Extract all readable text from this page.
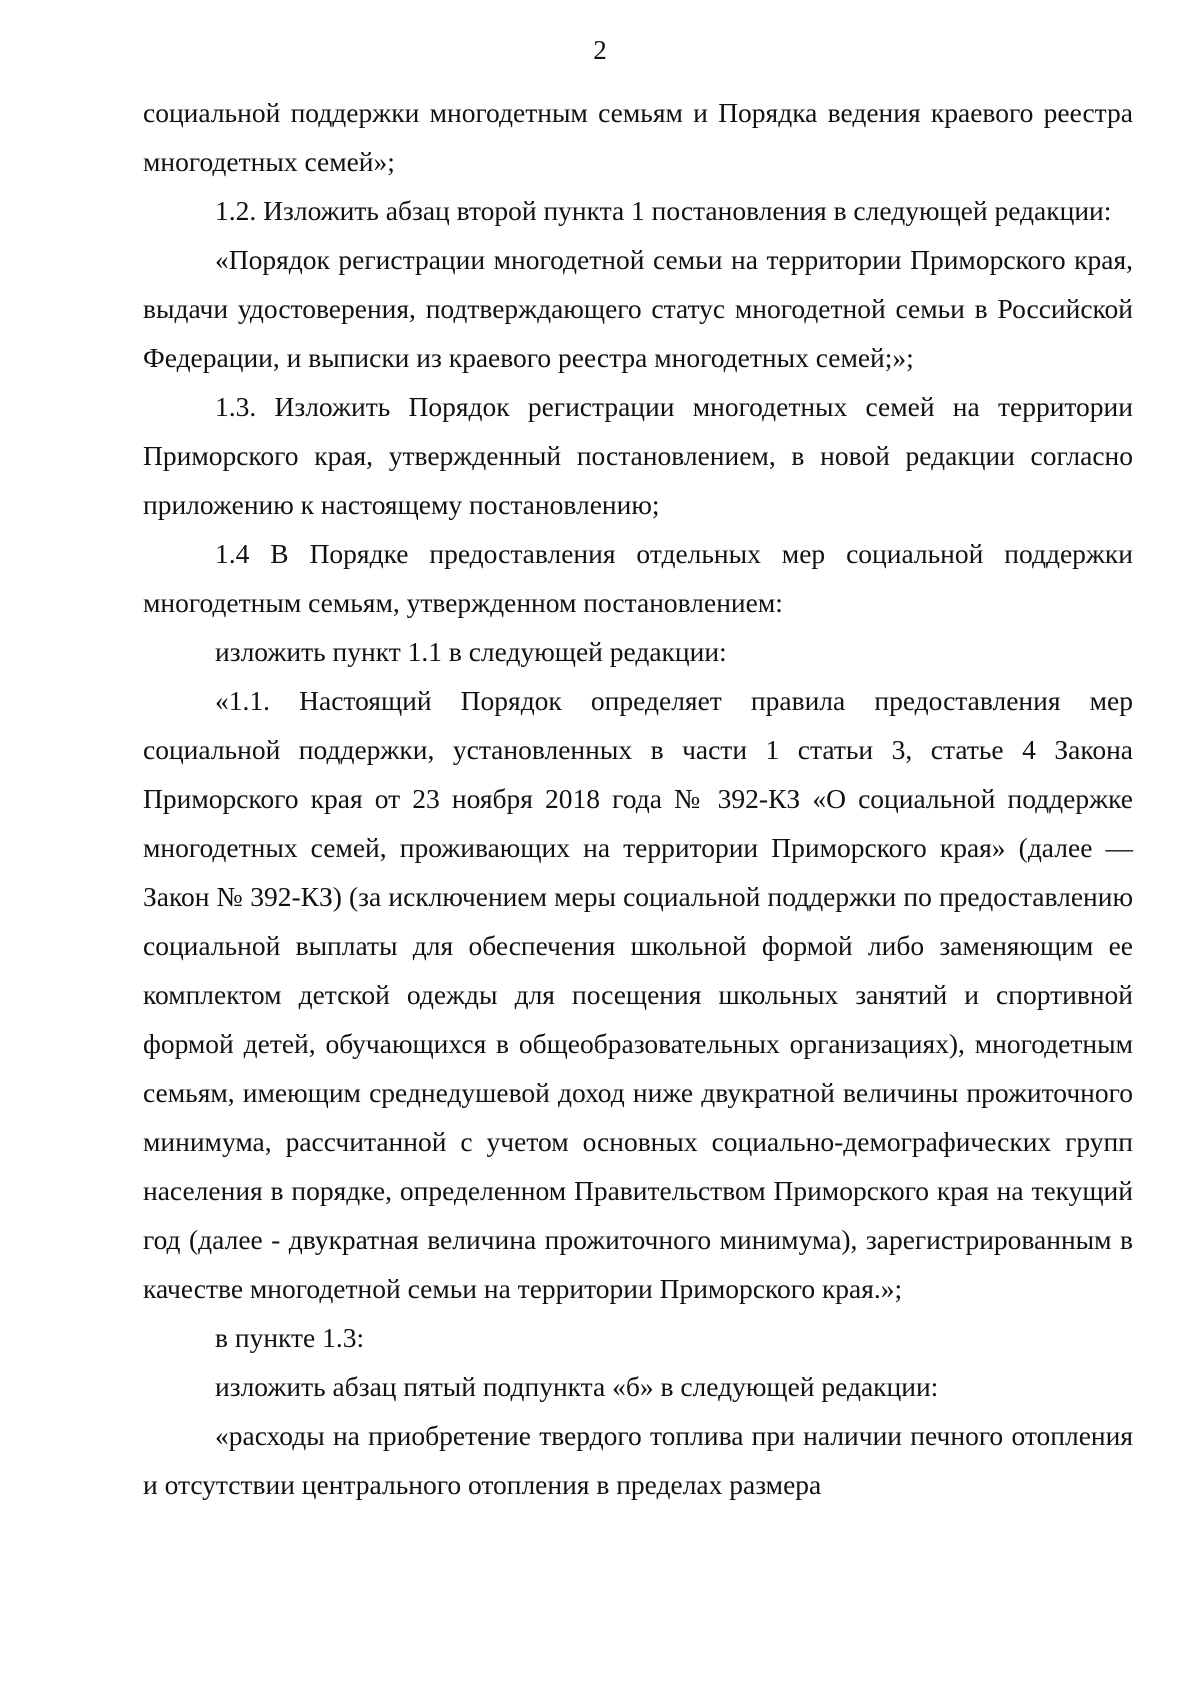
2

социальной поддержки многодетным семьям и Порядка ведения краевого реестра многодетных семей»;

1.2. Изложить абзац второй пункта 1 постановления в следующей редакции:

«Порядок регистрации многодетной семьи на территории Приморского края, выдачи удостоверения, подтверждающего статус многодетной семьи в Российской Федерации, и выписки из краевого реестра многодетных семей;»;

1.3. Изложить Порядок регистрации многодетных семей на территории Приморского края, утвержденный постановлением, в новой редакции согласно приложению к настоящему постановлению;

1.4 В Порядке предоставления отдельных мер социальной поддержки многодетным семьям, утвержденном постановлением:

изложить пункт 1.1 в следующей редакции:

«1.1. Настоящий Порядок определяет правила предоставления мер социальной поддержки, установленных в части 1 статьи 3, статье 4 Закона Приморского края от 23 ноября 2018 года № 392-КЗ «О социальной поддержке многодетных семей, проживающих на территории Приморского края» (далее — Закон № 392-КЗ) (за исключением меры социальной поддержки по предоставлению социальной выплаты для обеспечения школьной формой либо заменяющим ее комплектом детской одежды для посещения школьных занятий и спортивной формой детей, обучающихся в общеобразовательных организациях), многодетным семьям, имеющим среднедушевой доход ниже двукратной величины прожиточного минимума, рассчитанной с учетом основных социально-демографических групп населения в порядке, определенном Правительством Приморского края на текущий год (далее - двукратная величина прожиточного минимума), зарегистрированным в качестве многодетной семьи на территории Приморского края.»;

в пункте 1.3:

изложить абзац пятый подпункта «б» в следующей редакции:

«расходы на приобретение твердого топлива при наличии печного отопления и отсутствии центрального отопления в пределах размера
